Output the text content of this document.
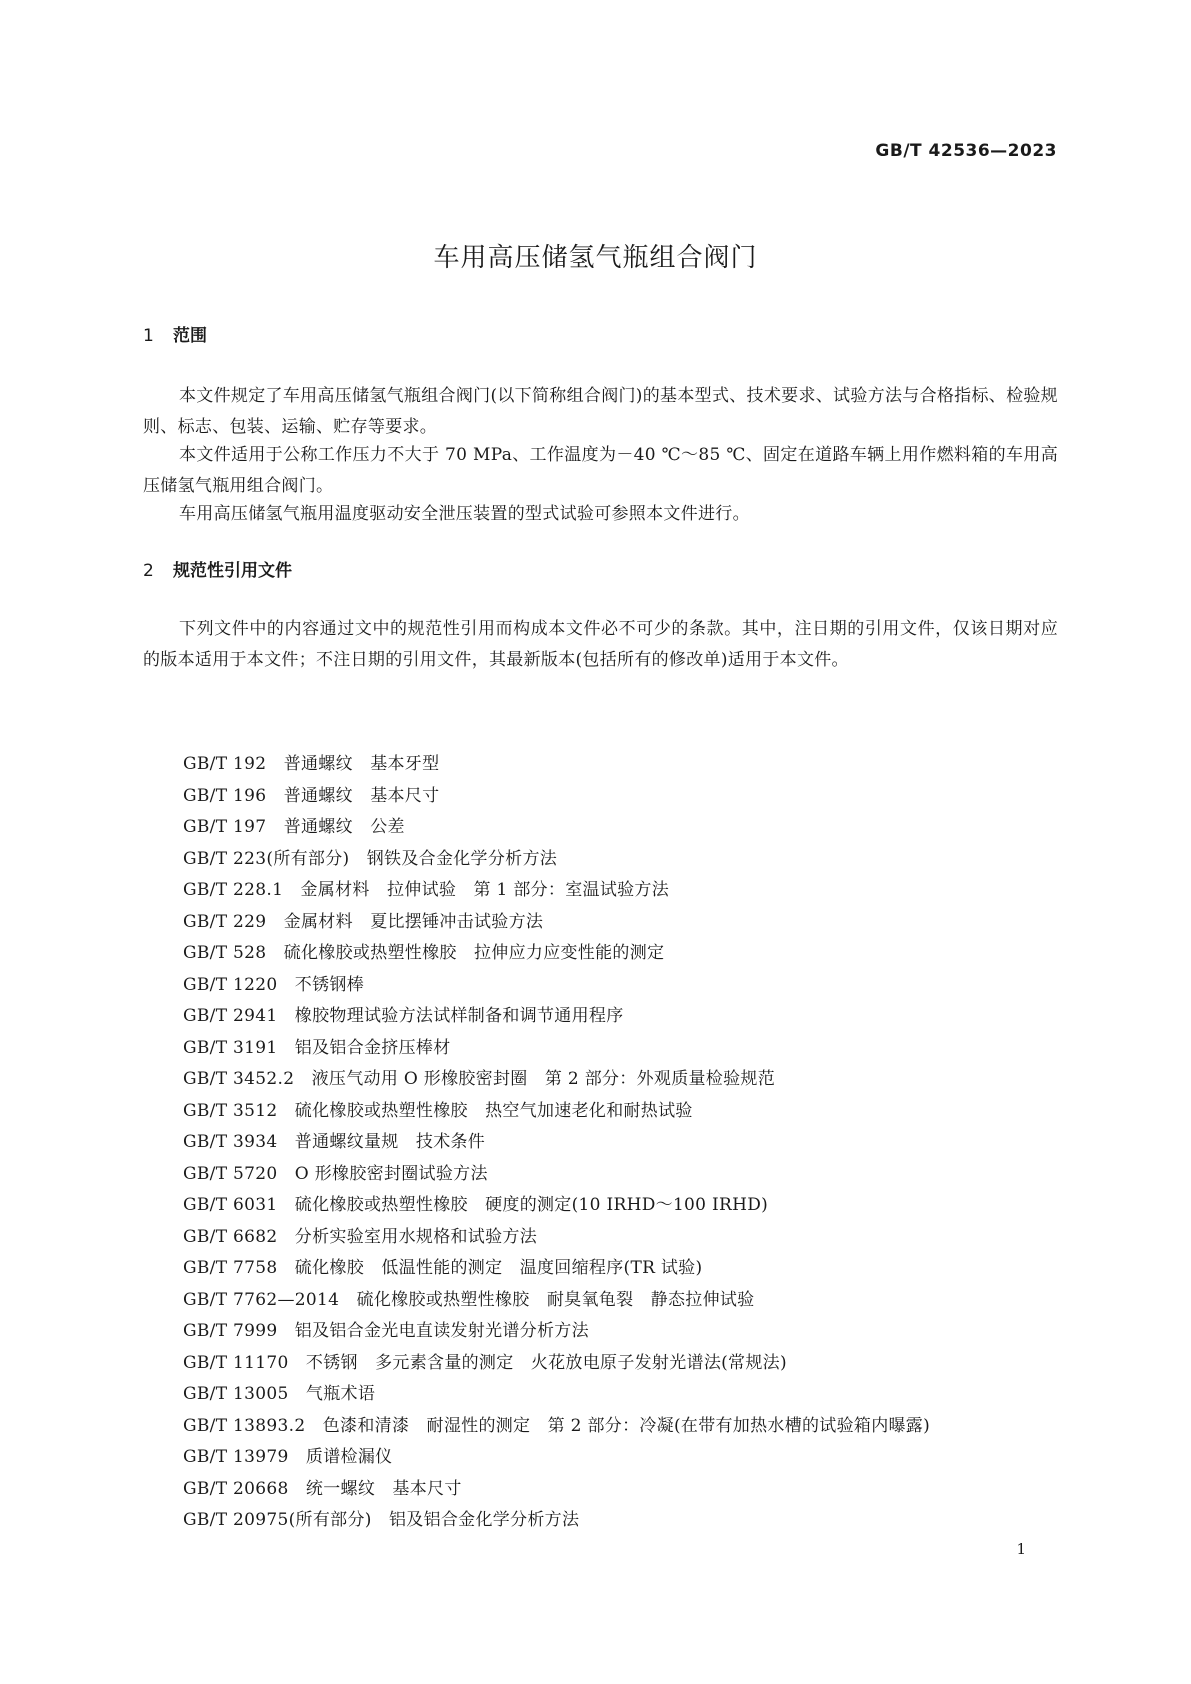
GB/T 42536—2023
车用高压储氢气瓶组合阀门
1 范围

本文件规定了车用高压储氢气瓶组合阀门(以下简称组合阀门)的基本型式、技术要求、试验方法与合格指标、检验规则、标志、包装、运输、贮存等要求。

本文件适用于公称工作压力不大于 70 MPa、工作温度为－40 ℃～85 ℃、固定在道路车辆上用作燃料箱的车用高压储氢气瓶用组合阀门。

车用高压储氢气瓶用温度驱动安全泄压装置的型式试验可参照本文件进行。

2 规范性引用文件

下列文件中的内容通过文中的规范性引用而构成本文件必不可少的条款。其中，注日期的引用文件，仅该日期对应的版本适用于本文件；不注日期的引用文件，其最新版本(包括所有的修改单)适用于本文件。

GB/T 192　普通螺纹　基本牙型
GB/T 196　普通螺纹　基本尺寸
GB/T 197　普通螺纹　公差
GB/T 223(所有部分)　钢铁及合金化学分析方法
GB/T 228.1　金属材料　拉伸试验　第 1 部分：室温试验方法
GB/T 229　金属材料　夏比摆锤冲击试验方法
GB/T 528　硫化橡胶或热塑性橡胶　拉伸应力应变性能的测定
GB/T 1220　不锈钢棒
GB/T 2941　橡胶物理试验方法试样制备和调节通用程序
GB/T 3191　铝及铝合金挤压棒材
GB/T 3452.2　液压气动用 O 形橡胶密封圈　第 2 部分：外观质量检验规范
GB/T 3512　硫化橡胶或热塑性橡胶　热空气加速老化和耐热试验
GB/T 3934　普通螺纹量规　技术条件
GB/T 5720　O 形橡胶密封圈试验方法
GB/T 6031　硫化橡胶或热塑性橡胶　硬度的测定(10 IRHD～100 IRHD)
GB/T 6682　分析实验室用水规格和试验方法
GB/T 7758　硫化橡胶　低温性能的测定　温度回缩程序(TR 试验)
GB/T 7762—2014　硫化橡胶或热塑性橡胶　耐臭氧龟裂　静态拉伸试验
GB/T 7999　铝及铝合金光电直读发射光谱分析方法
GB/T 11170　不锈钢　多元素含量的测定　火花放电原子发射光谱法(常规法)
GB/T 13005　气瓶术语
GB/T 13893.2　色漆和清漆　耐湿性的测定　第 2 部分：冷凝(在带有加热水槽的试验箱内曝露)
GB/T 13979　质谱检漏仪
GB/T 20668　统一螺纹　基本尺寸
GB/T 20975(所有部分)　铝及铝合金化学分析方法
1
